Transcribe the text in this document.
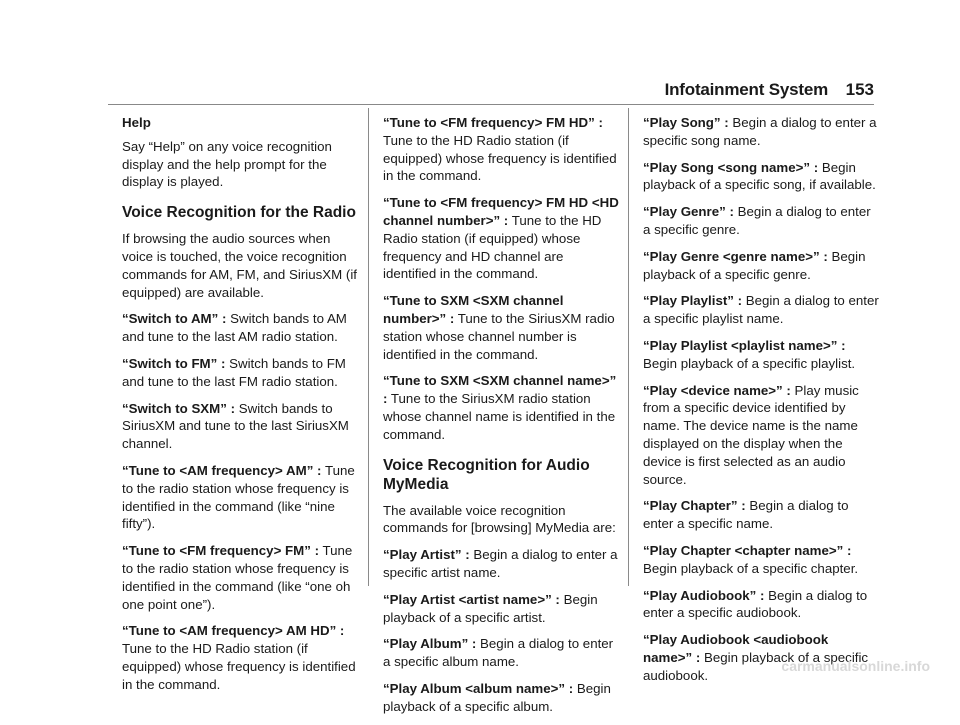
Infotainment System 153

Help

Say “Help” on any voice recognition display and the help prompt for the display is played.

Voice Recognition for the Radio

If browsing the audio sources when voice is touched, the voice recognition commands for AM, FM, and SiriusXM (if equipped) are available.

“Switch to AM” : Switch bands to AM and tune to the last AM radio station.

“Switch to FM” : Switch bands to FM and tune to the last FM radio station.

“Switch to SXM” : Switch bands to SiriusXM and tune to the last SiriusXM channel.

“Tune to <AM frequency> AM” : Tune to the radio station whose frequency is identified in the command (like “nine fifty”).

“Tune to <FM frequency> FM” : Tune to the radio station whose frequency is identified in the command (like “one oh one point one”).

“Tune to <AM frequency> AM HD” : Tune to the HD Radio station (if equipped) whose frequency is identified in the command.

“Tune to <FM frequency> FM HD” : Tune to the HD Radio station (if equipped) whose frequency is identified in the command.

“Tune to <FM frequency> FM HD <HD channel number>” : Tune to the HD Radio station (if equipped) whose frequency and HD channel are identified in the command.

“Tune to SXM <SXM channel number>” : Tune to the SiriusXM radio station whose channel number is identified in the command.

“Tune to SXM <SXM channel name>” : Tune to the SiriusXM radio station whose channel name is identified in the command.

Voice Recognition for Audio MyMedia

The available voice recognition commands for [browsing] MyMedia are:

“Play Artist” : Begin a dialog to enter a specific artist name.

“Play Artist <artist name>” : Begin playback of a specific artist.

“Play Album” : Begin a dialog to enter a specific album name.

“Play Album <album name>” : Begin playback of a specific album.

“Play Song” : Begin a dialog to enter a specific song name.

“Play Song <song name>” : Begin playback of a specific song, if available.

“Play Genre” : Begin a dialog to enter a specific genre.

“Play Genre <genre name>” : Begin playback of a specific genre.

“Play Playlist” : Begin a dialog to enter a specific playlist name.

“Play Playlist <playlist name>” : Begin playback of a specific playlist.

“Play <device name>” : Play music from a specific device identified by name. The device name is the name displayed on the display when the device is first selected as an audio source.

“Play Chapter” : Begin a dialog to enter a specific name.

“Play Chapter <chapter name>” : Begin playback of a specific chapter.

“Play Audiobook” : Begin a dialog to enter a specific audiobook.

“Play Audiobook <audiobook name>” : Begin playback of a specific audiobook.

carmanualsonline.info
